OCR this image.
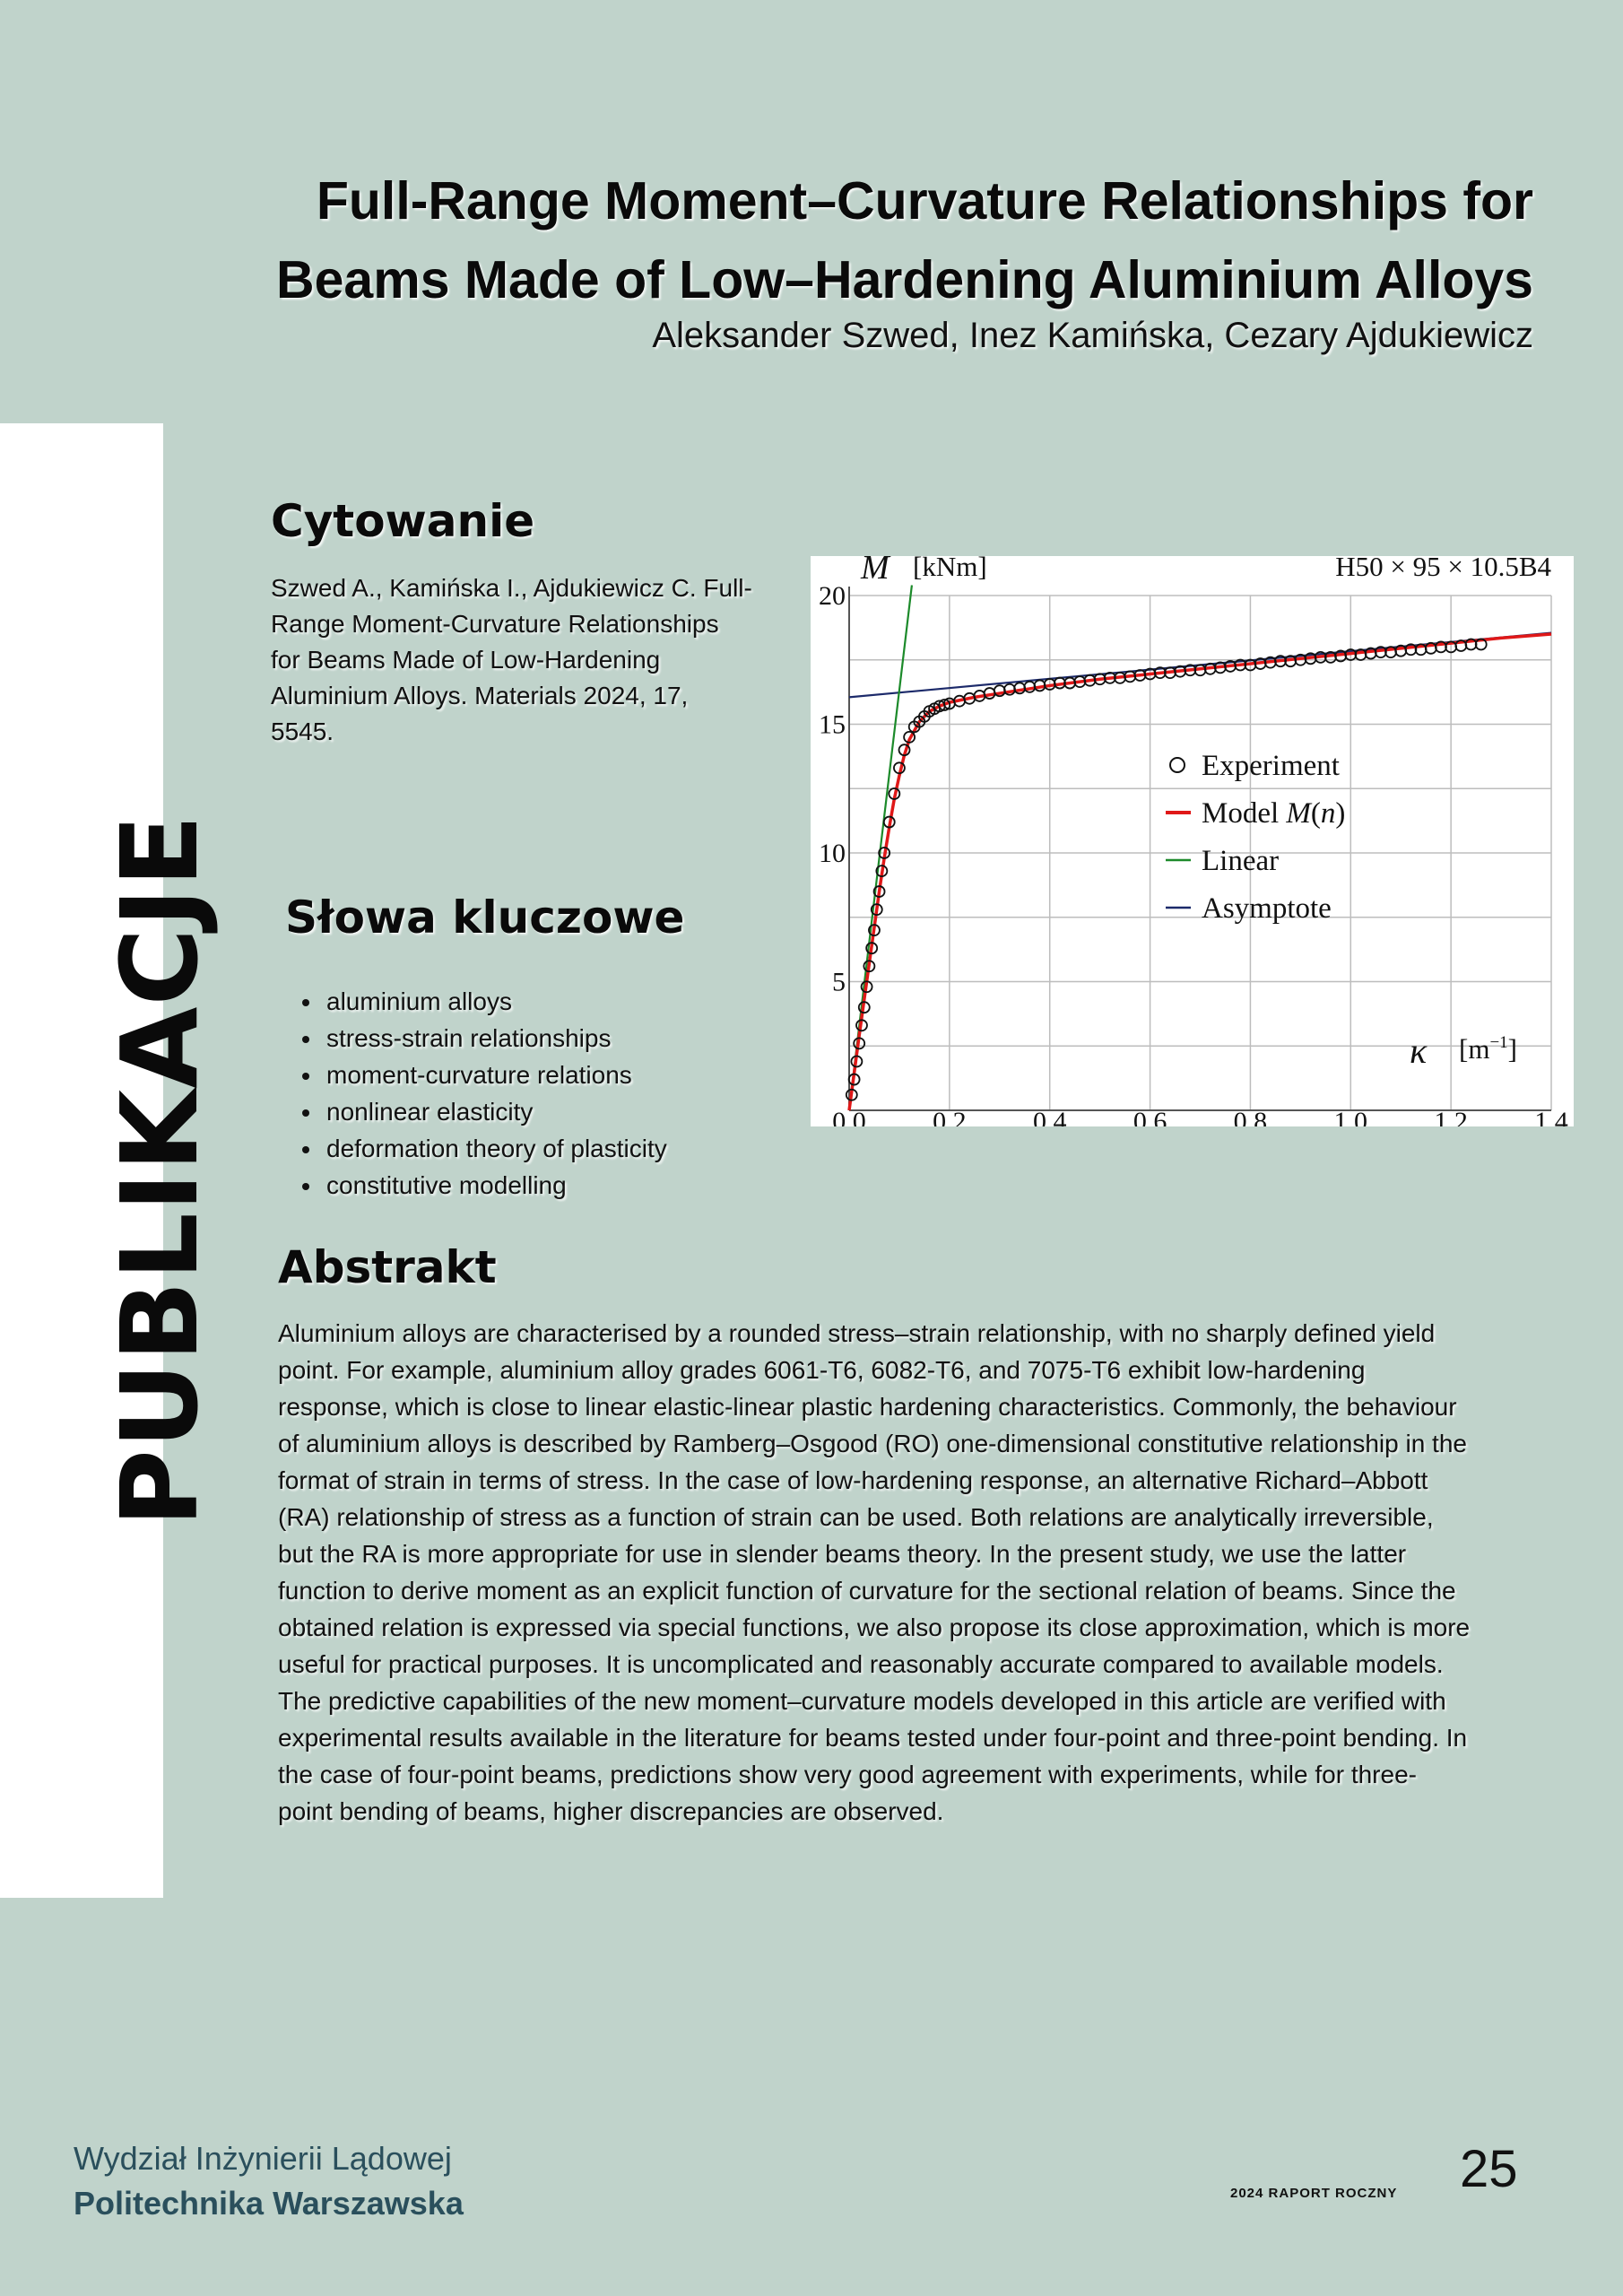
Full-Range Moment–Curvature Relationships for
Beams Made of Low–Hardening Aluminium Alloys
Aleksander Szwed, Inez Kamińska, Cezary Ajdukiewicz
PUBLIKACJE
Cytowanie
Szwed A., Kamińska I., Ajdukiewicz C. Full-Range Moment-Curvature Relationships for Beams Made of Low-Hardening Aluminium Alloys. Materials 2024, 17, 5545.
Słowa kluczowe
• aluminium alloys
• stress-strain relationships
• moment-curvature relations
• nonlinear elasticity
• deformation theory of plasticity
• constitutive modelling
Abstrakt
Aluminium alloys are characterised by a rounded stress–strain relationship, with no sharply defined yield point. For example, aluminium alloy grades 6061-T6, 6082-T6, and 7075-T6 exhibit low-hardening response, which is close to linear elastic-linear plastic hardening characteristics. Commonly, the behaviour of aluminium alloys is described by Ramberg–Osgood (RO) one-dimensional constitutive relationship in the format of strain in terms of stress. In the case of low-hardening response, an alternative Richard–Abbott (RA) relationship of stress as a function of strain can be used. Both relations are analytically irreversible, but the RA is more appropriate for use in slender beams theory. In the present study, we use the latter function to derive moment as an explicit function of curvature for the sectional relation of beams. Since the obtained relation is expressed via special functions, we also propose its close approximation, which is more useful for practical purposes. It is uncomplicated and reasonably accurate compared to available models. The predictive capabilities of the new moment–curvature models developed in this article are verified with experimental results available in the literature for beams tested under four-point and three-point bending. In the case of four-point beams, predictions show very good agreement with experiments, while for three-point bending of beams, higher discrepancies are observed.
0.0 0.2 0.4 0.6 0.8 1.0 1.2 1.4
5
10
15
20
H50 × 95 × 10.5B4
M [kNm]
κ $[m^{-1}]$
Experiment
Model M(n)
Linear
Asymptote
Wydział Inżynierii Lądowej
Politechnika Warszawska	2024 RAPORT ROCZNY 25
